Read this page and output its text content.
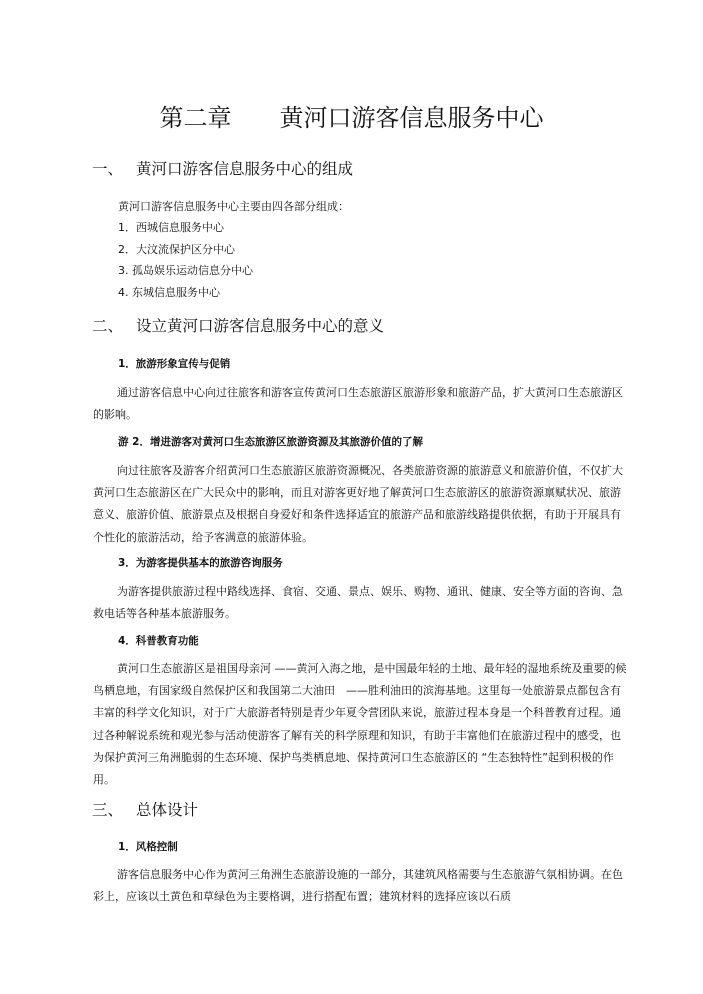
第二章　　黄河口游客信息服务中心
一、 黄河口游客信息服务中心的组成
黄河口游客信息服务中心主要由四各部分组成：
1．西城信息服务中心
2．大汶流保护区分中心
3. 孤岛娱乐运动信息分中心
4. 东城信息服务中心
二、 设立黄河口游客信息服务中心的意义
1．旅游形象宣传与促销
通过游客信息中心向过往旅客和游客宣传黄河口生态旅游区旅游形象和旅游产品，扩大黄河口生态旅游区的影响。
游 2．增进游客对黄河口生态旅游区旅游资源及其旅游价值的了解
向过往旅客及游客介绍黄河口生态旅游区旅游资源概况、各类旅游资源的旅游意义和旅游价值，不仅扩大黄河口生态旅游区在广大民众中的影响，而且对游客更好地了解黄河口生态旅游区的旅游资源禀赋状况、旅游意义、旅游价值、旅游景点及根据自身爱好和条件选择适宜的旅游产品和旅游线路提供依据，有助于开展具有个性化的旅游活动，给予客满意的旅游体验。
3．为游客提供基本的旅游咨询服务
为游客提供旅游过程中路线选择、食宿、交通、景点、娱乐、购物、通讯、健康、安全等方面的咨询、急救电话等各种基本旅游服务。
4．科普教育功能
黄河口生态旅游区是祖国母亲河 ——黄河入海之地，是中国最年轻的土地、最年轻的湿地系统及重要的候鸟栖息地，有国家级自然保护区和我国第二大油田　——胜利油田的滨海基地。这里每一处旅游景点都包含有丰富的科学文化知识，对于广大旅游者特别是青少年夏令营团队来说，旅游过程本身是一个科普教育过程。通过各种解说系统和观光参与活动使游客了解有关的科学原理和知识，有助于丰富他们在旅游过程中的感受，也为保护黄河三角洲脆弱的生态环境、保护鸟类栖息地、保持黄河口生态旅游区的 “生态独特性”起到积极的作用。
三、 总体设计
1．风格控制
游客信息服务中心作为黄河三角洲生态旅游设施的一部分，其建筑风格需要与生态旅游气氛相协调。在色彩上，应该以土黄色和草绿色为主要格调，进行搭配布置；建筑材料的选择应该以石质
